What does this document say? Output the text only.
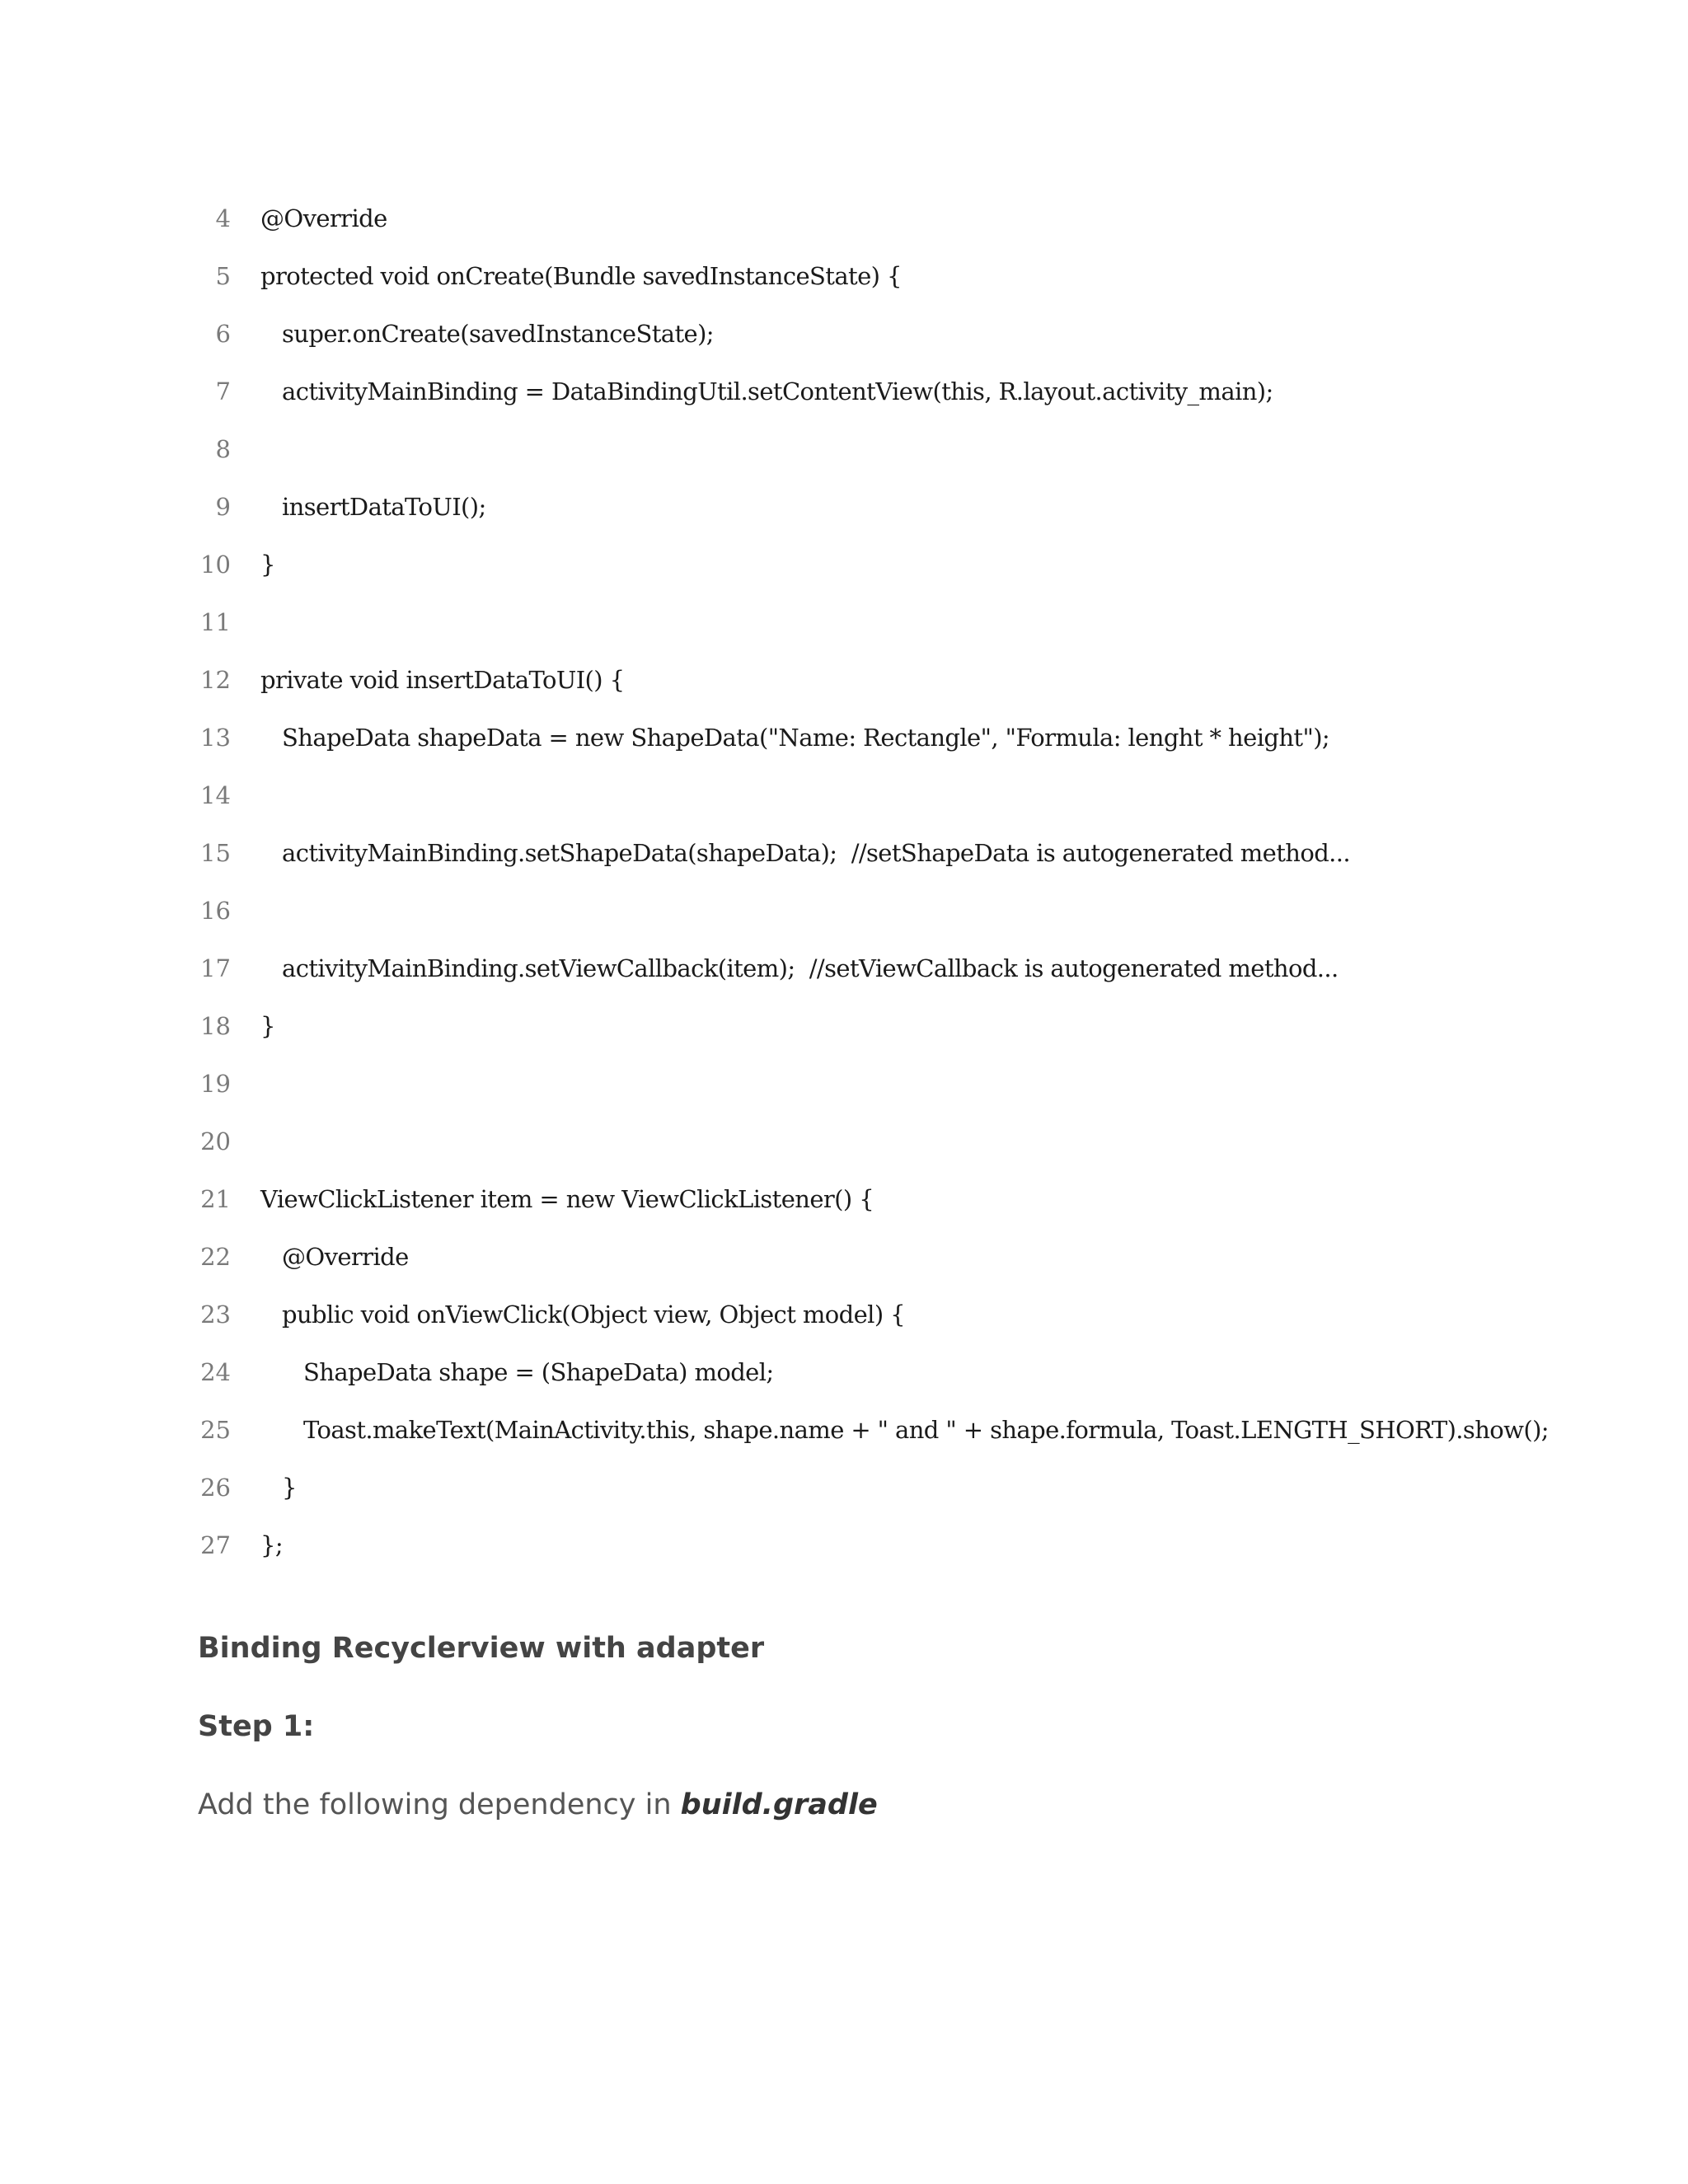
4 @Override
5 protected void onCreate(Bundle savedInstanceState) {
6	super.onCreate(savedInstanceState);
7	activityMainBinding = DataBindingUtil.setContentView(this, R.layout.activity_main);
8
9	insertDataToUI();
10 }
11
12 private void insertDataToUI() {
13	ShapeData shapeData = new ShapeData("Name: Rectangle", "Formula: lenght * height");
14
15	activityMainBinding.setShapeData(shapeData);  //setShapeData is autogenerated method...
16
17	activityMainBinding.setViewCallback(item);  //setViewCallback is autogenerated method...
18 }
19
20
21 ViewClickListener item = new ViewClickListener() {
22	@Override
23	public void onViewClick(Object view, Object model) {
24	ShapeData shape = (ShapeData) model;
25	Toast.makeText(MainActivity.this, shape.name + " and " + shape.formula, Toast.LENGTH_SHORT).show();
26	}
27 };
Binding Recyclerview with adapter
Step 1:

Add the following dependency in build.gradle
